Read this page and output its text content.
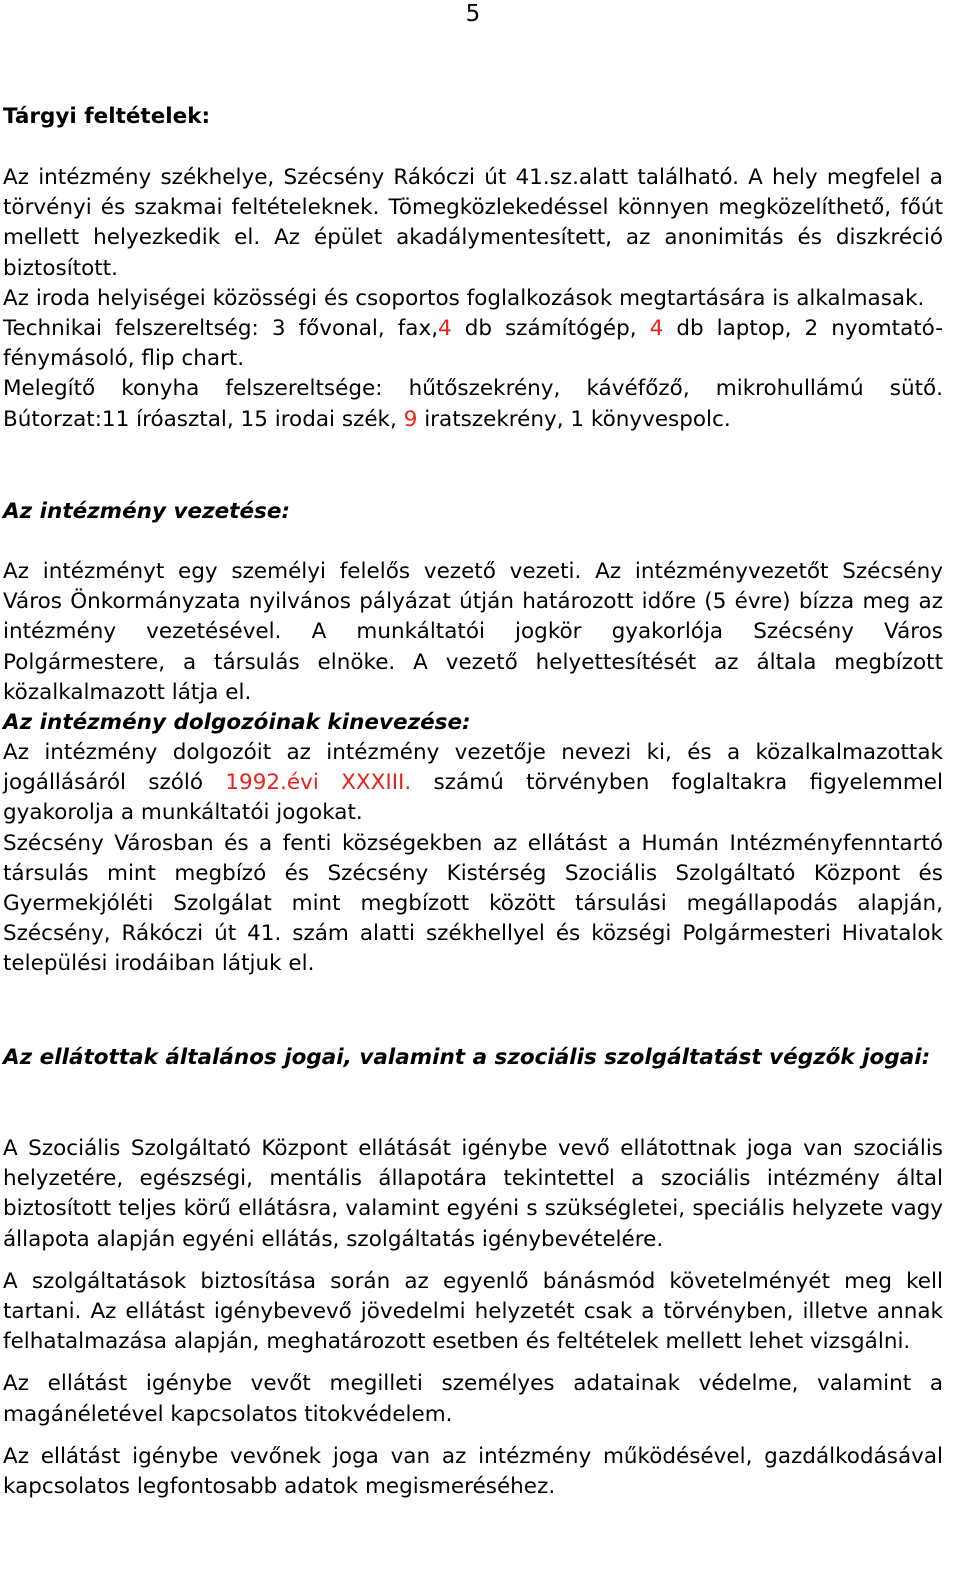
5

Tárgyi feltételek:

Az intézmény székhelye, Szécsény Rákóczi út 41.sz.alatt található. A hely megfelel a törvényi és szakmai feltételeknek. Tömegközlekedéssel könnyen megközelíthető, főút mellett helyezkedik el. Az épület akadálymentesített, az anonimitás és diszkréció biztosított.

Az iroda helyiségei közösségi és csoportos foglalkozások megtartására is alkalmasak.

Technikai felszereltség: 3 fővonal, fax,4 db számítógép, 4 db laptop, 2 nyomtató-fénymásoló, flip chart.

Melegítő konyha felszereltsége: hűtőszekrény, kávéfőző, mikrohullámú sütő. Bútorzat:11 íróasztal, 15 irodai szék, 9 iratszekrény, 1 könyvespolc.

Az intézmény vezetése:

Az intézményt egy személyi felelős vezető vezeti. Az intézményvezetőt Szécsény Város Önkormányzata nyilvános pályázat útján határozott időre (5 évre) bízza meg az intézmény vezetésével. A munkáltatói jogkör gyakorlója Szécsény Város Polgármestere, a társulás elnöke. A vezető helyettesítését az általa megbízott közalkalmazott látja el.

Az intézmény dolgozóinak kinevezése:

Az intézmény dolgozóit az intézmény vezetője nevezi ki, és a közalkalmazottak jogállásáról szóló 1992.évi XXXIII. számú törvényben foglaltakra figyelemmel gyakorolja a munkáltatói jogokat.

Szécsény Városban és a fenti községekben az ellátást a Humán Intézményfenntartó társulás mint megbízó és Szécsény Kistérség Szociális Szolgáltató Központ és Gyermekjóléti Szolgálat mint megbízott között társulási megállapodás alapján, Szécsény, Rákóczi út 41. szám alatti székhellyel és községi Polgármesteri Hivatalok települési irodáiban látjuk el.

Az ellátottak általános jogai, valamint a szociális szolgáltatást végzők jogai:

A Szociális Szolgáltató Központ ellátását igénybe vevő ellátottnak joga van szociális helyzetére, egészségi, mentális állapotára tekintettel a szociális intézmény által biztosított teljes körű ellátásra, valamint egyéni s szükségletei, speciális helyzete vagy állapota alapján egyéni ellátás, szolgáltatás igénybevételére.

A szolgáltatások biztosítása során az egyenlő bánásmód követelményét meg kell tartani. Az ellátást igénybevevő jövedelmi helyzetét csak a törvényben, illetve annak felhatalmazása alapján, meghatározott esetben és feltételek mellett lehet vizsgálni.

Az ellátást igénybe vevőt megilleti személyes adatainak védelme, valamint a magánéletével kapcsolatos titokvédelem.

Az ellátást igénybe vevőnek joga van az intézmény működésével, gazdálkodásával kapcsolatos legfontosabb adatok megismeréséhez.
